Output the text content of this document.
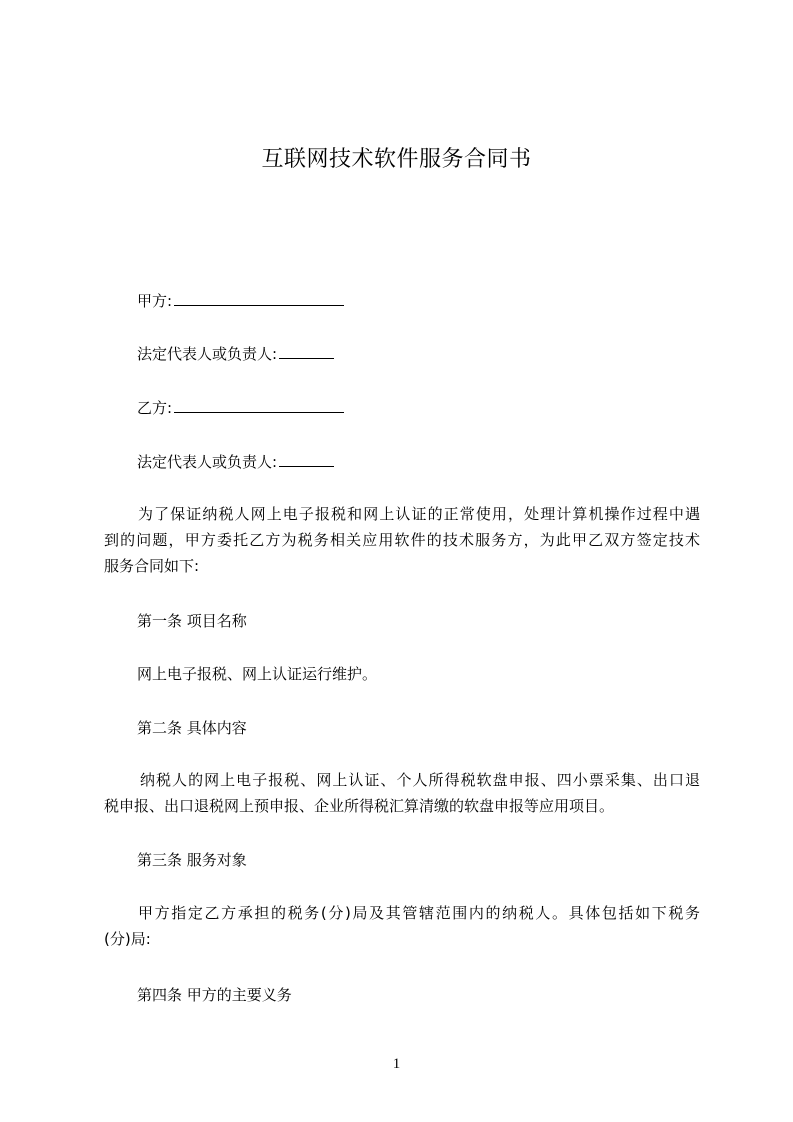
互联网技术软件服务合同书
甲方:
法定代表人或负责人:
乙方:
法定代表人或负责人:
为了保证纳税人网上电子报税和网上认证的正常使用，处理计算机操作过程中遇
到的问题，甲方委托乙方为税务相关应用软件的技术服务方，为此甲乙双方签定技术
服务合同如下:
第一条 项目名称
网上电子报税、网上认证运行维护。
第二条 具体内容
纳税人的网上电子报税、网上认证、个人所得税软盘申报、四小票采集、出口退
税申报、出口退税网上预申报、企业所得税汇算清缴的软盘申报等应用项目。
第三条 服务对象
甲方指定乙方承担的税务(分)局及其管辖范围内的纳税人。具体包括如下税务
(分)局:
第四条 甲方的主要义务
1
